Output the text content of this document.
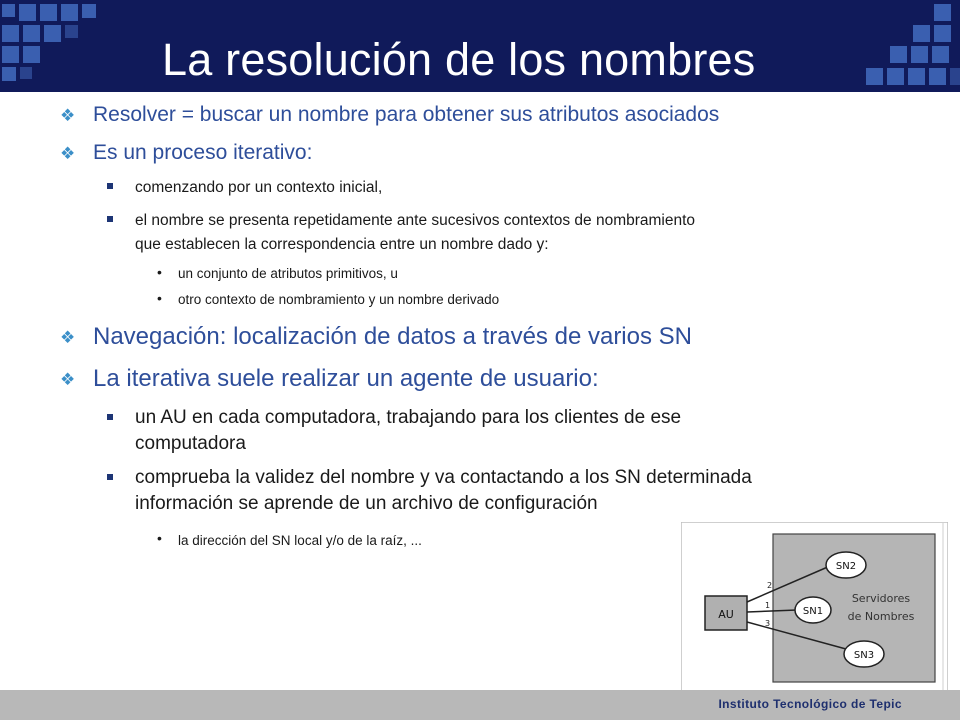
La resolución de los nombres
❖ Resolver = buscar un nombre para obtener sus atributos asociados
❖ Es un proceso iterativo:
comenzando por un contexto inicial,
el nombre se presenta repetidamente ante sucesivos contextos de nombramiento
que establecen la correspondencia entre un nombre dado y:
• un conjunto de atributos primitivos, u
• otro contexto de nombramiento y un nombre derivado
❖ Navegación: localización de datos a través de varios SN
❖ La iterativa suele realizar un agente de usuario:
un AU en cada computadora, trabajando para los clientes de ese
computadora
comprueba la validez del nombre y va contactando a los SN determinada
información se aprende de un archivo de configuración
• la dirección del SN local y/o de la raíz, ...
Servidores
de Nombres
AU
2
1
3
SN2
SN1
SN3
Instituto Tecnológico de Tepic
